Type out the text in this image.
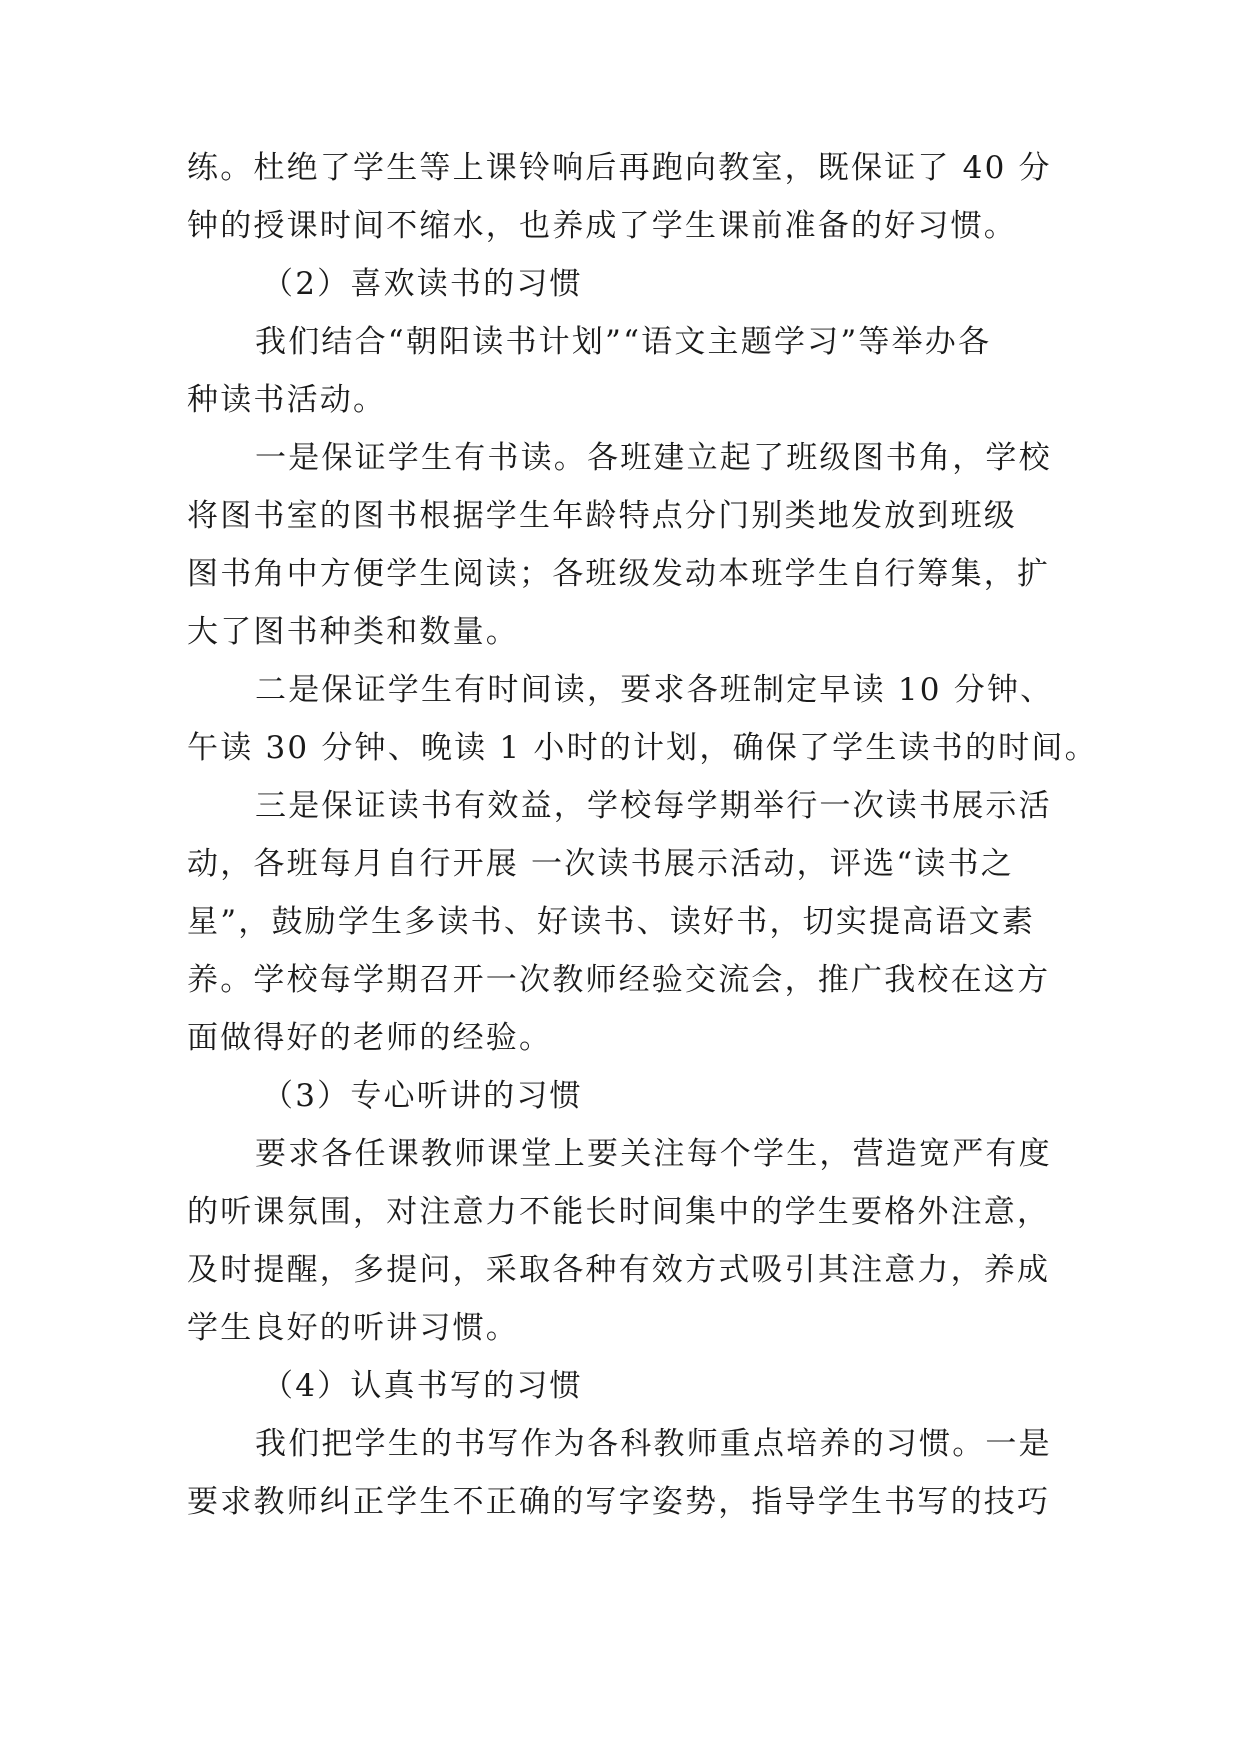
练。杜绝了学生等上课铃响后再跑向教室，既保证了 40 分
钟的授课时间不缩水，也养成了学生课前准备的好习惯。
（2）喜欢读书的习惯
我们结合“朝阳读书计划”“语文主题学习”等举办各
种读书活动。
一是保证学生有书读。各班建立起了班级图书角，学校
将图书室的图书根据学生年龄特点分门别类地发放到班级
图书角中方便学生阅读；各班级发动本班学生自行筹集，扩
大了图书种类和数量。
二是保证学生有时间读，要求各班制定早读 10 分钟、
午读 30 分钟、晚读 1 小时的计划，确保了学生读书的时间。
三是保证读书有效益，学校每学期举行一次读书展示活
动，各班每月自行开展 一次读书展示活动，评选“读书之
星”，鼓励学生多读书、好读书、读好书，切实提高语文素
养。学校每学期召开一次教师经验交流会，推广我校在这方
面做得好的老师的经验。
（3）专心听讲的习惯
要求各任课教师课堂上要关注每个学生，营造宽严有度
的听课氛围，对注意力不能长时间集中的学生要格外注意，
及时提醒，多提问，采取各种有效方式吸引其注意力，养成
学生良好的听讲习惯。
（4）认真书写的习惯
我们把学生的书写作为各科教师重点培养的习惯。一是
要求教师纠正学生不正确的写字姿势，指导学生书写的技巧
